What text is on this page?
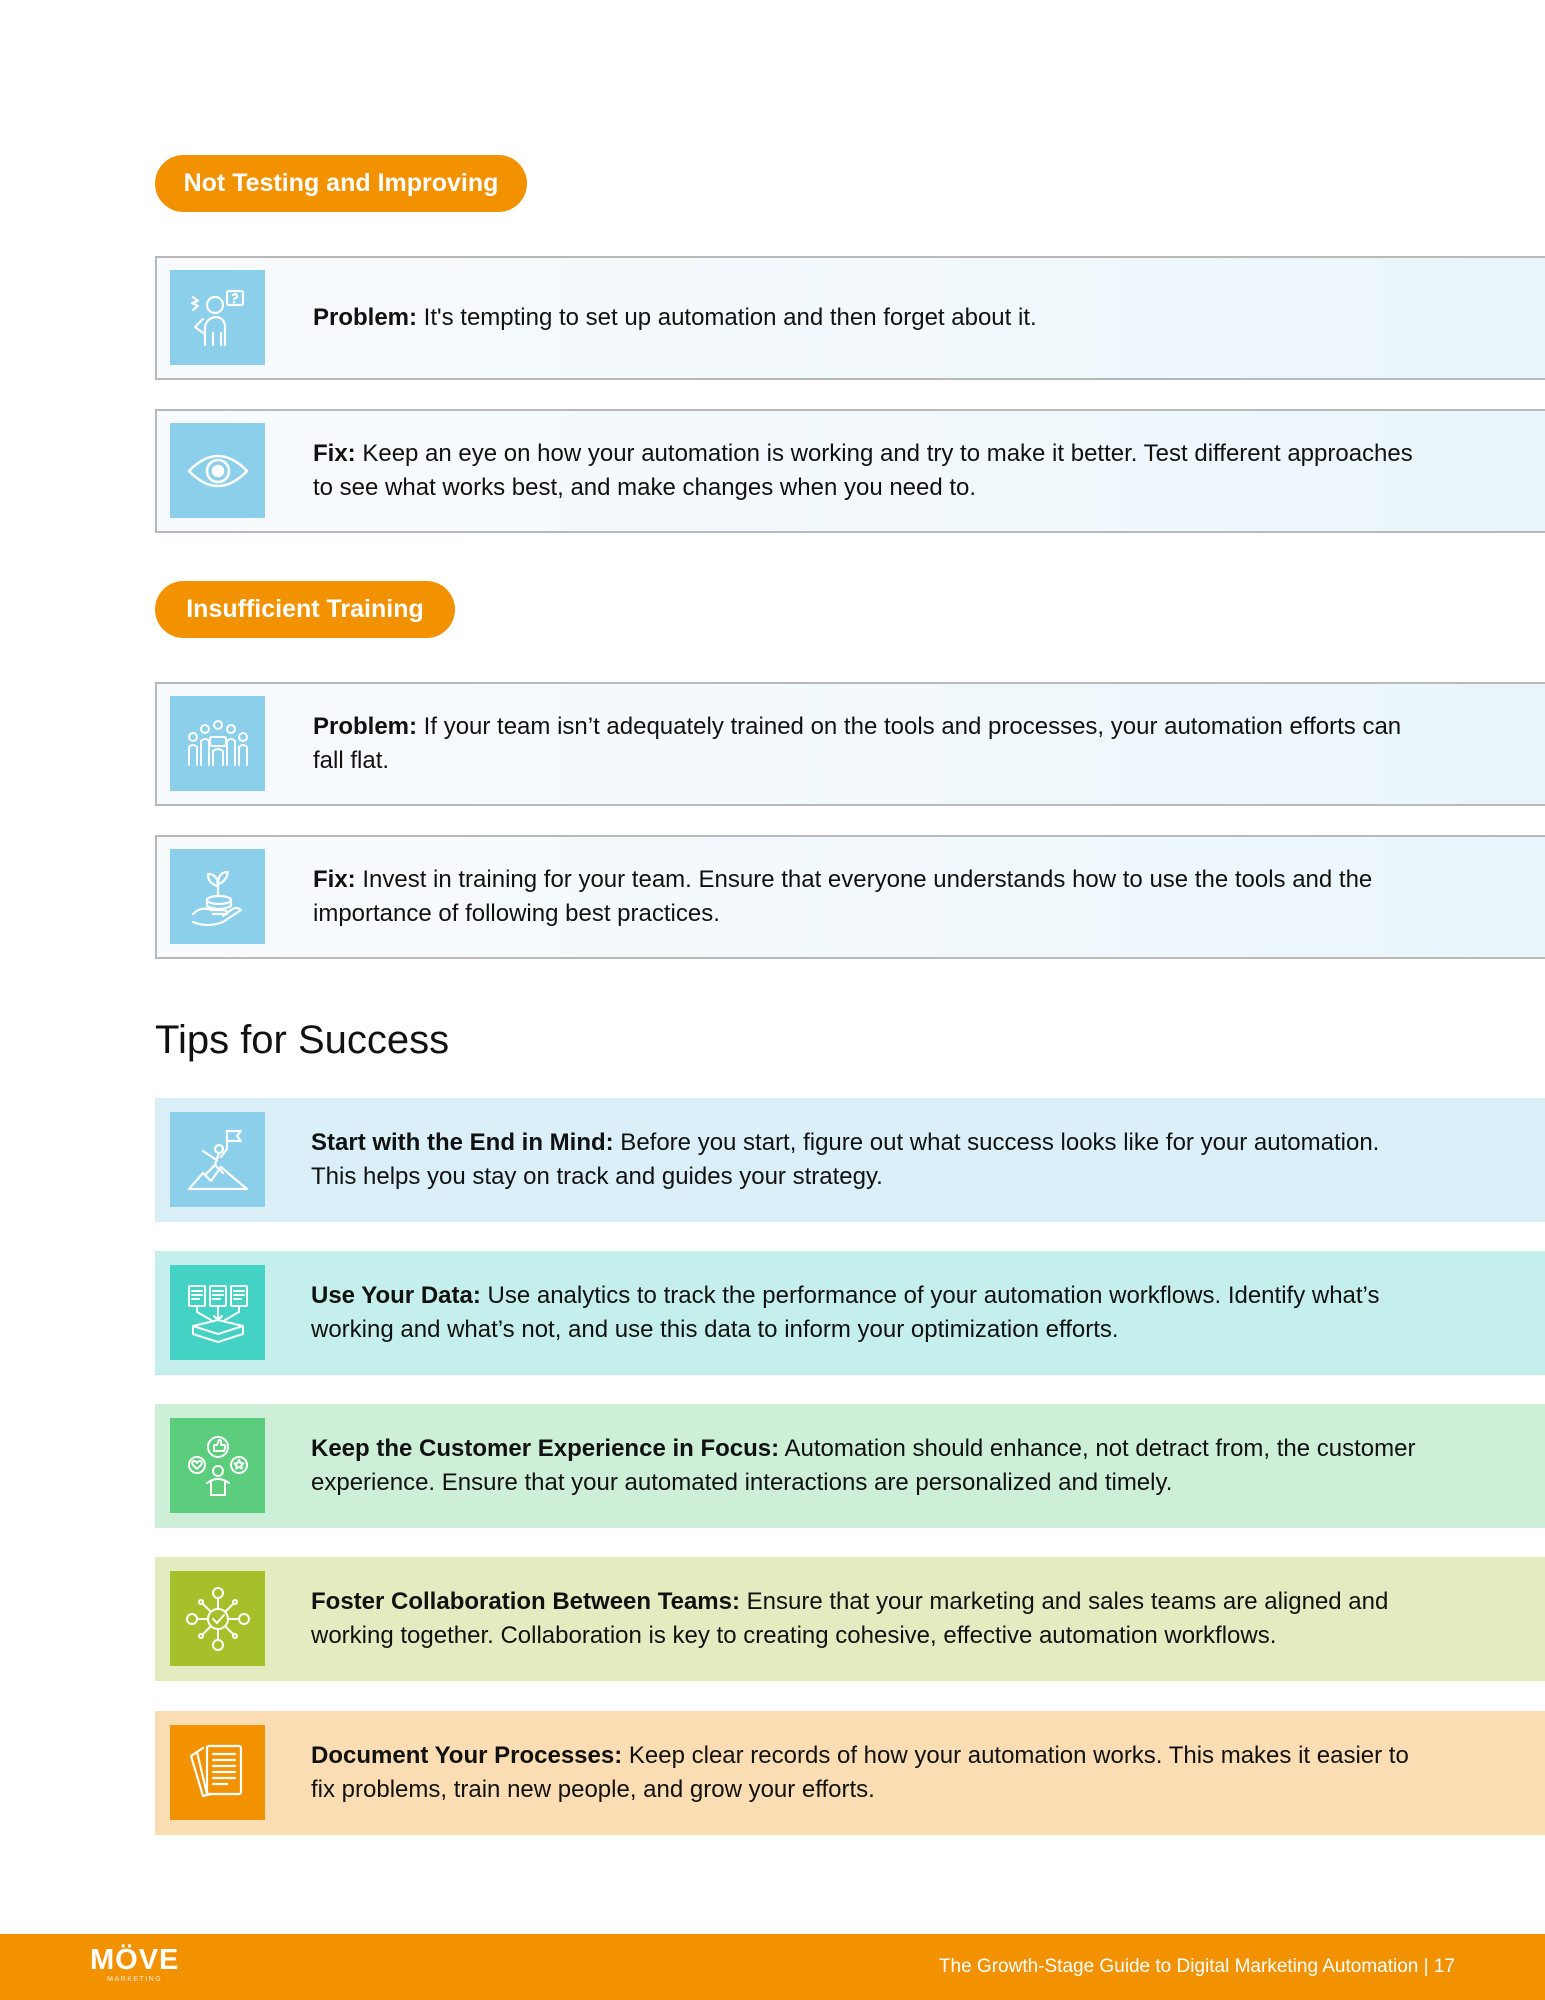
Not Testing and Improving

Problem: It's tempting to set up automation and then forget about it.

Fix: Keep an eye on how your automation is working and try to make it better. Test different approaches to see what works best, and make changes when you need to.

Insufficient Training

Problem: If your team isn’t adequately trained on the tools and processes, your automation efforts can fall flat.

Fix: Invest in training for your team. Ensure that everyone understands how to use the tools and the importance of following best practices.

Tips for Success

Start with the End in Mind: Before you start, figure out what success looks like for your automation. This helps you stay on track and guides your strategy.

Use Your Data: Use analytics to track the performance of your automation workflows. Identify what’s working and what’s not, and use this data to inform your optimization efforts.

Keep the Customer Experience in Focus: Automation should enhance, not detract from, the customer experience. Ensure that your automated interactions are personalized and timely.

Foster Collaboration Between Teams: Ensure that your marketing and sales teams are aligned and working together. Collaboration is key to creating cohesive, effective automation workflows.

Document Your Processes: Keep clear records of how your automation works. This makes it easier to fix problems, train new people, and grow your efforts.

MÖVE
MARKETING
The Growth-Stage Guide to Digital Marketing Automation | 17
